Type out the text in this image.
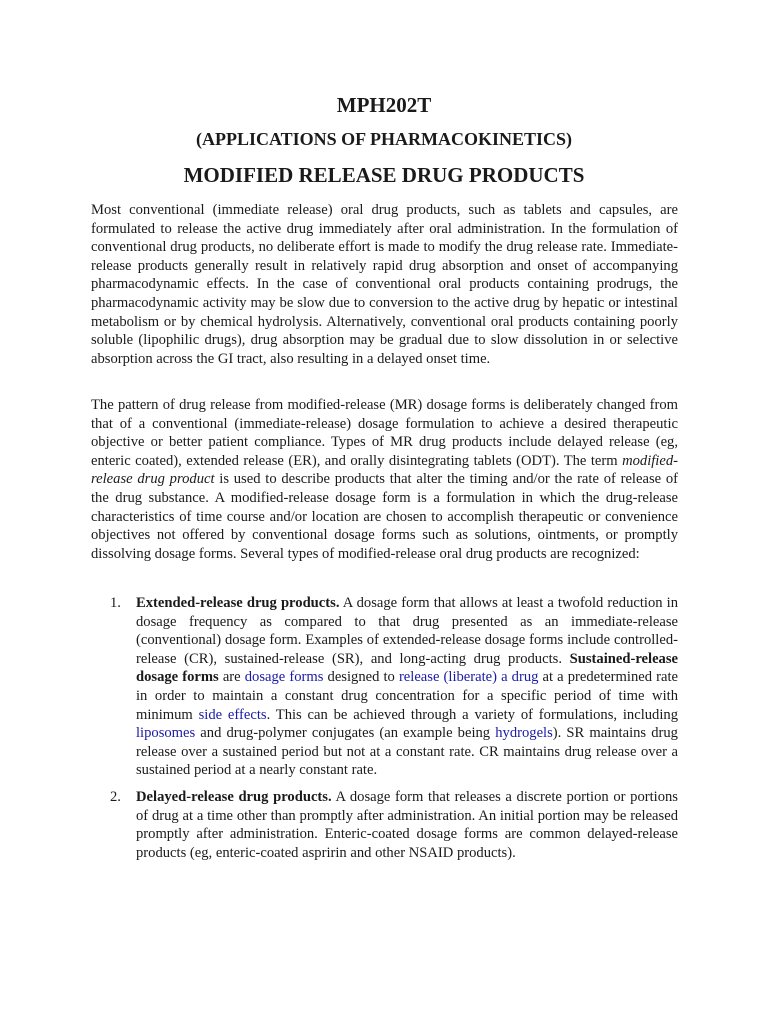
MPH202T
(APPLICATIONS OF PHARMACOKINETICS)
MODIFIED RELEASE DRUG PRODUCTS

Most conventional (immediate release) oral drug products, such as tablets and capsules, are formulated to release the active drug immediately after oral administration. In the formulation of conventional drug products, no deliberate effort is made to modify the drug release rate. Immediate-release products generally result in relatively rapid drug absorption and onset of accompanying pharmacodynamic effects. In the case of conventional oral products containing prodrugs, the pharmacodynamic activity may be slow due to conversion to the active drug by hepatic or intestinal metabolism or by chemical hydrolysis. Alternatively, conventional oral products containing poorly soluble (lipophilic drugs), drug absorption may be gradual due to slow dissolution in or selective absorption across the GI tract, also resulting in a delayed onset time.

The pattern of drug release from modified-release (MR) dosage forms is deliberately changed from that of a conventional (immediate-release) dosage formulation to achieve a desired therapeutic objective or better patient compliance. Types of MR drug products include delayed release (eg, enteric coated), extended release (ER), and orally disintegrating tablets (ODT). The term modified-release drug product is used to describe products that alter the timing and/or the rate of release of the drug substance. A modified-release dosage form is a formulation in which the drug-release characteristics of time course and/or location are chosen to accomplish therapeutic or convenience objectives not offered by conventional dosage forms such as solutions, ointments, or promptly dissolving dosage forms. Several types of modified-release oral drug products are recognized:

1. Extended-release drug products. A dosage form that allows at least a twofold reduction in dosage frequency as compared to that drug presented as an immediate-release (conventional) dosage form. Examples of extended-release dosage forms include controlled-release (CR), sustained-release (SR), and long-acting drug products. Sustained-release dosage forms are dosage forms designed to release (liberate) a drug at a predetermined rate in order to maintain a constant drug concentration for a specific period of time with minimum side effects. This can be achieved through a variety of formulations, including liposomes and drug-polymer conjugates (an example being hydrogels). SR maintains drug release over a sustained period but not at a constant rate. CR maintains drug release over a sustained period at a nearly constant rate.
2. Delayed-release drug products. A dosage form that releases a discrete portion or portions of drug at a time other than promptly after administration. An initial portion may be released promptly after administration. Enteric-coated dosage forms are common delayed-release products (eg, enteric-coated aspririn and other NSAID products).
